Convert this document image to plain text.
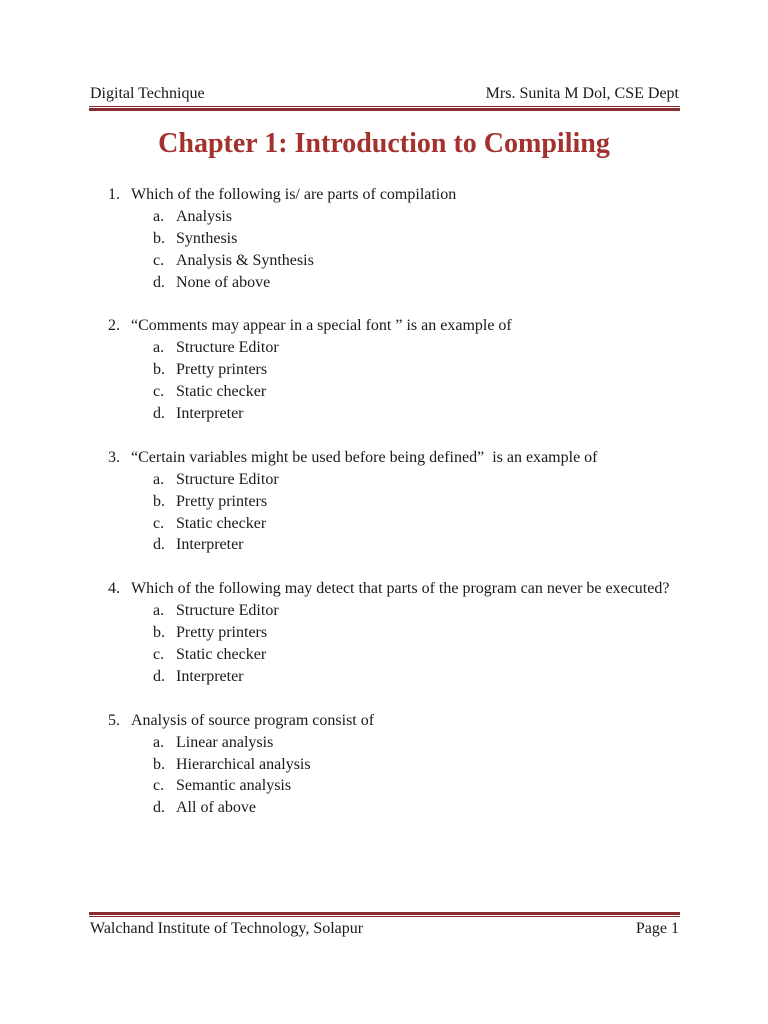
Digital Technique	Mrs. Sunita M Dol, CSE Dept
Chapter 1: Introduction to Compiling
1. Which of the following is/ are parts of compilation
a. Analysis
b. Synthesis
c. Analysis & Synthesis
d. None of above
2. “Comments may appear in a special font ” is an example of
a. Structure Editor
b. Pretty printers
c. Static checker
d. Interpreter
3. “Certain variables might be used before being defined”  is an example of
a. Structure Editor
b. Pretty printers
c. Static checker
d. Interpreter
4. Which of the following may detect that parts of the program can never be executed?
a. Structure Editor
b. Pretty printers
c. Static checker
d. Interpreter
5. Analysis of source program consist of
a. Linear analysis
b. Hierarchical analysis
c. Semantic analysis
d. All of above
Walchand Institute of Technology, Solapur	Page 1
